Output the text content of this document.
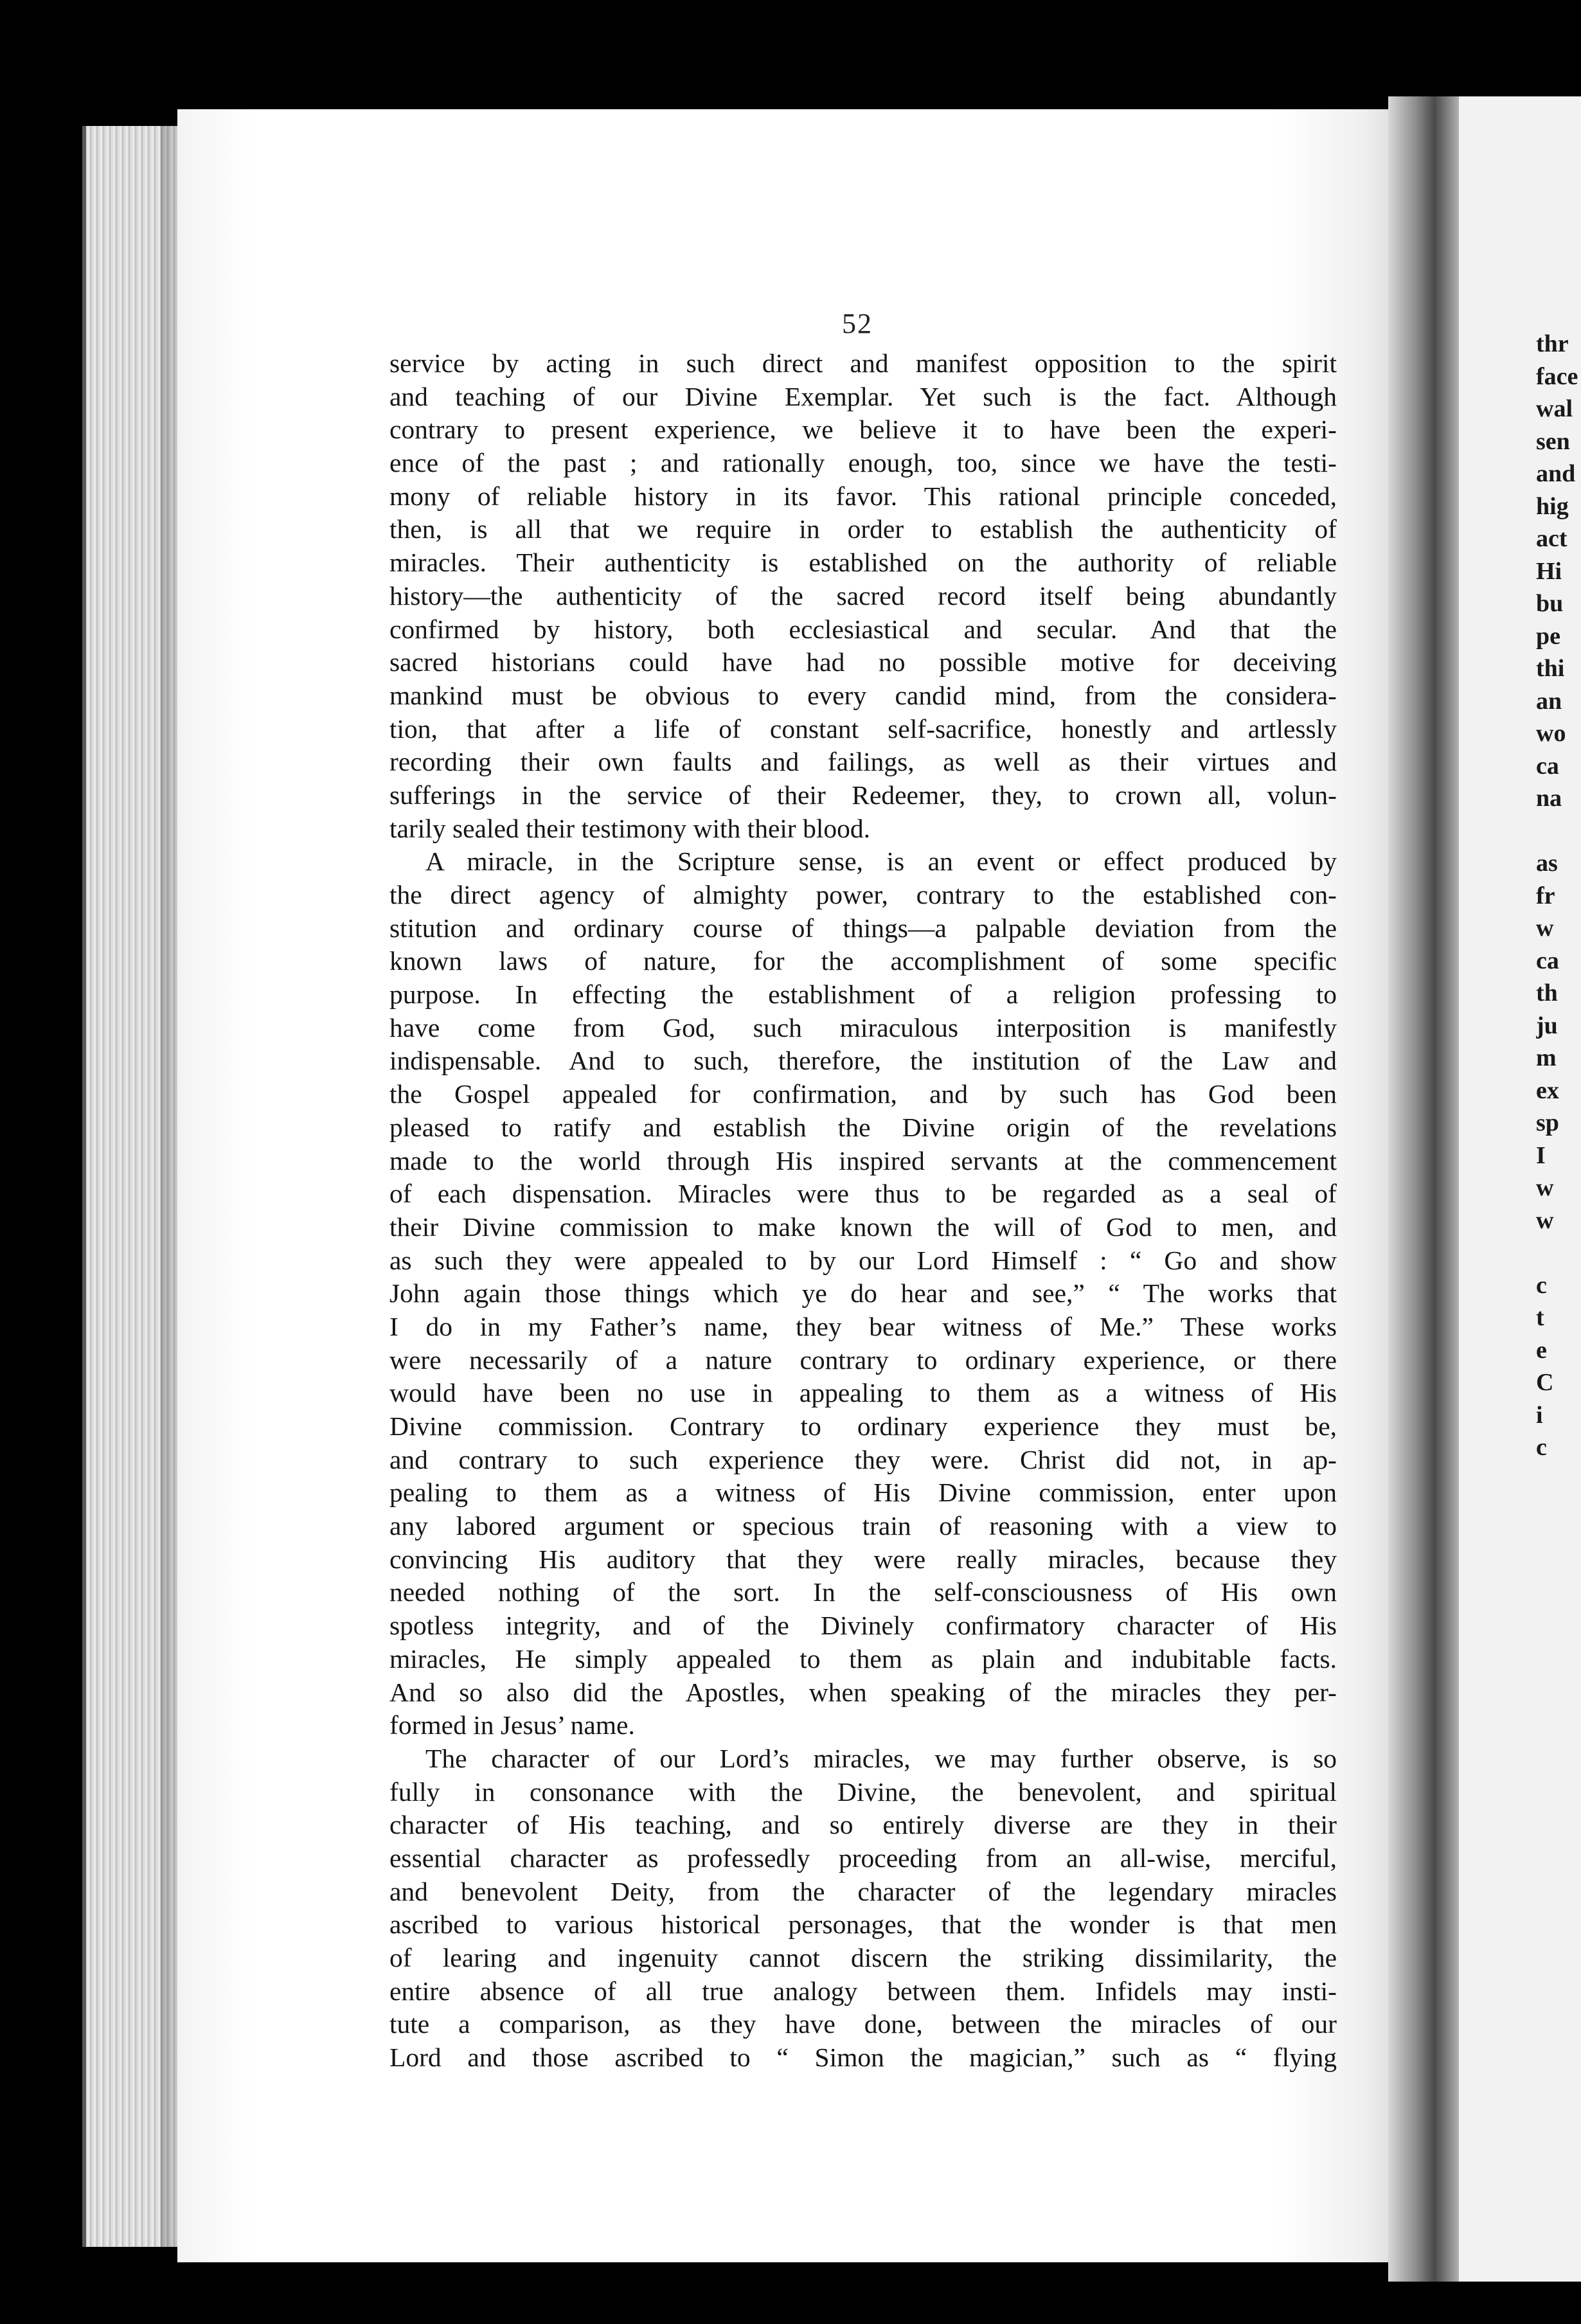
thr
face
wal
sen
and
hig
act
Hi
bu
pe
thi
an
wo
ca
na
as
fr
w
ca
th
ju
m
ex
sp
I
w
w
c
t
e
C
i
c
52
service by acting in such direct and manifest opposition to the spirit
and teaching of our Divine Exemplar. Yet such is the fact. Although
contrary to present experience, we believe it to have been the experi-
ence of the past ; and rationally enough, too, since we have the testi-
mony of reliable history in its favor. This rational principle conceded,
then, is all that we require in order to establish the authenticity of
miracles. Their authenticity is established on the authority of reliable
history—the authenticity of the sacred record itself being abundantly
confirmed by history, both ecclesiastical and secular. And that the
sacred historians could have had no possible motive for deceiving
mankind must be obvious to every candid mind, from the considera-
tion, that after a life of constant self-sacrifice, honestly and artlessly
recording their own faults and failings, as well as their virtues and
sufferings in the service of their Redeemer, they, to crown all, volun-
tarily sealed their testimony with their blood.
A miracle, in the Scripture sense, is an event or effect produced by
the direct agency of almighty power, contrary to the established con-
stitution and ordinary course of things—a palpable deviation from the
known laws of nature, for the accomplishment of some specific
purpose. In effecting the establishment of a religion professing to
have come from God, such miraculous interposition is manifestly
indispensable. And to such, therefore, the institution of the Law and
the Gospel appealed for confirmation, and by such has God been
pleased to ratify and establish the Divine origin of the revelations
made to the world through His inspired servants at the commencement
of each dispensation. Miracles were thus to be regarded as a seal of
their Divine commission to make known the will of God to men, and
as such they were appealed to by our Lord Himself : “ Go and show
John again those things which ye do hear and see,” “ The works that
I do in my Father’s name, they bear witness of Me.” These works
were necessarily of a nature contrary to ordinary experience, or there
would have been no use in appealing to them as a witness of His
Divine commission. Contrary to ordinary experience they must be,
and contrary to such experience they were. Christ did not, in ap-
pealing to them as a witness of His Divine commission, enter upon
any labored argument or specious train of reasoning with a view to
convincing His auditory that they were really miracles, because they
needed nothing of the sort. In the self-consciousness of His own
spotless integrity, and of the Divinely confirmatory character of His
miracles, He simply appealed to them as plain and indubitable facts.
And so also did the Apostles, when speaking of the miracles they per-
formed in Jesus’ name.
The character of our Lord’s miracles, we may further observe, is so
fully in consonance with the Divine, the benevolent, and spiritual
character of His teaching, and so entirely diverse are they in their
essential character as professedly proceeding from an all-wise, merciful,
and benevolent Deity, from the character of the legendary miracles
ascribed to various historical personages, that the wonder is that men
of learing and ingenuity cannot discern the striking dissimilarity, the
entire absence of all true analogy between them. Infidels may insti-
tute a comparison, as they have done, between the miracles of our
Lord and those ascribed to “ Simon the magician,” such as “ flying
